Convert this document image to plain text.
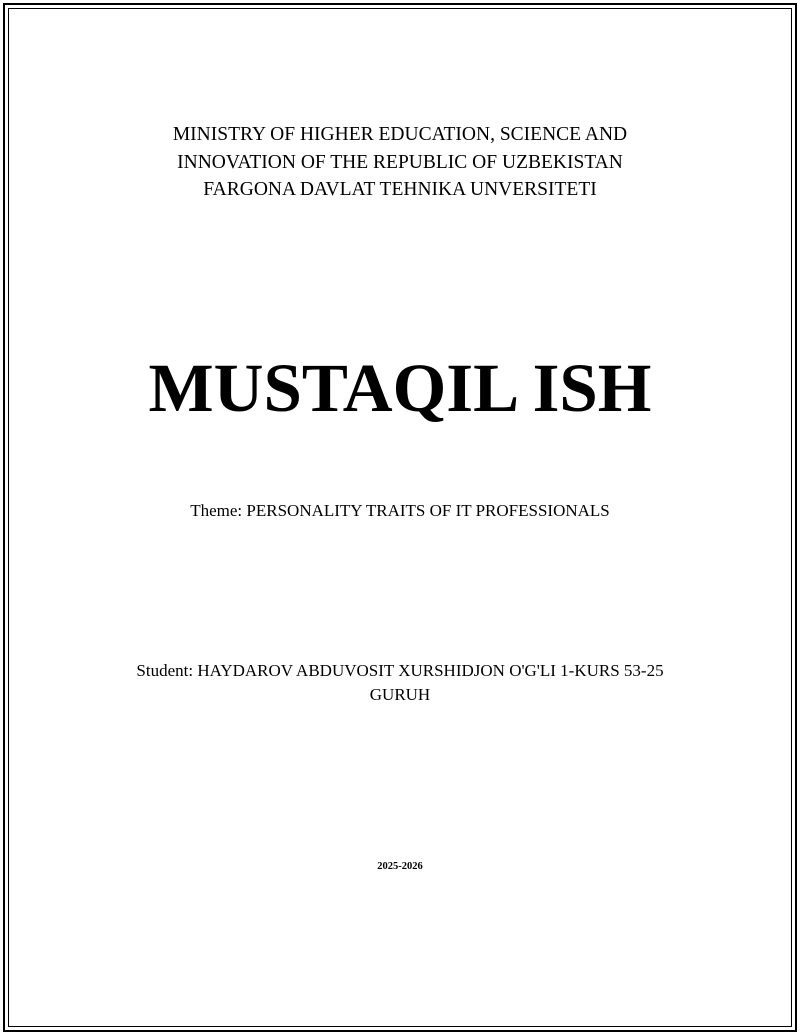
MINISTRY OF HIGHER EDUCATION, SCIENCE AND
INNOVATION OF THE REPUBLIC OF UZBEKISTAN
FARGONA DAVLAT TEHNIKA UNVERSITETI
MUSTAQIL ISH
Theme: PERSONALITY TRAITS OF IT PROFESSIONALS
Student: HAYDAROV ABDUVOSIT XURSHIDJON O'G'LI 1-KURS 53-25 GURUH
2025-2026
